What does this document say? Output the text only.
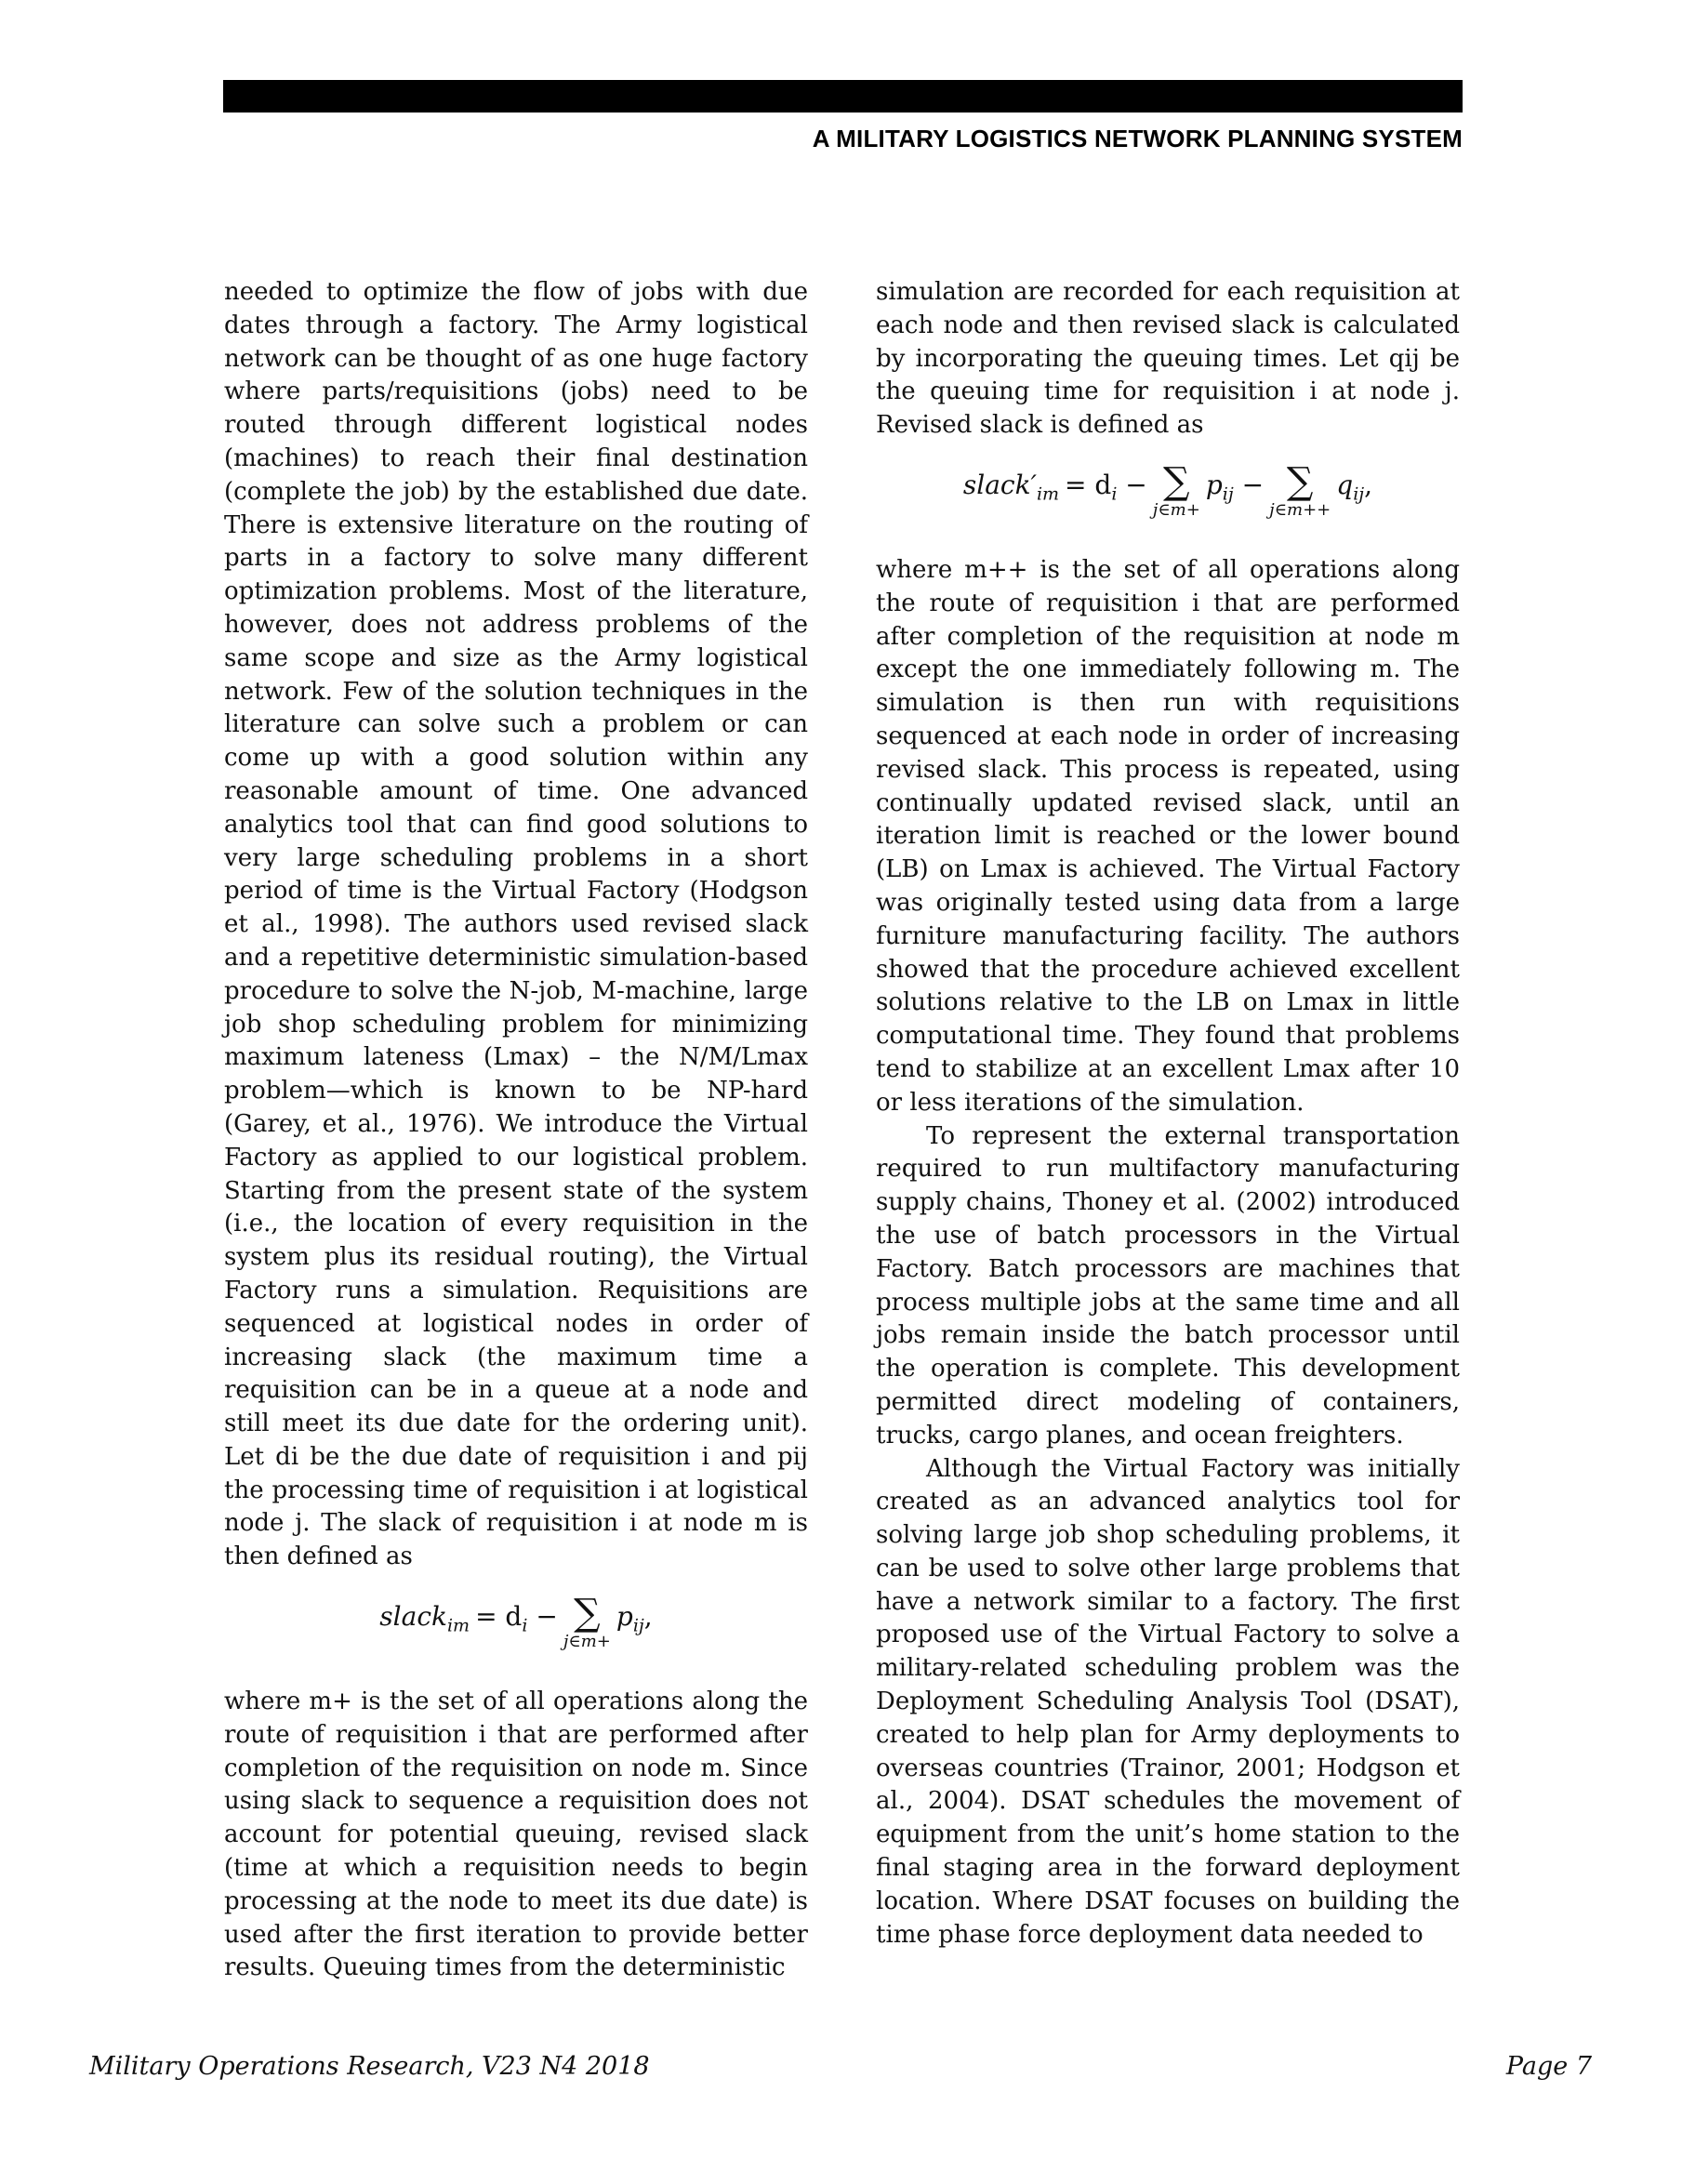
A MILITARY LOGISTICS NETWORK PLANNING SYSTEM

needed to optimize the flow of jobs with due dates through a factory. The Army logistical network can be thought of as one huge factory where parts/requisitions (jobs) need to be routed through different logistical nodes (machines) to reach their final destination (complete the job) by the established due date. There is extensive literature on the routing of parts in a factory to solve many different optimization problems. Most of the literature, however, does not address problems of the same scope and size as the Army logistical network. Few of the solution techniques in the literature can solve such a problem or can come up with a good solution within any reasonable amount of time. One advanced analytics tool that can find good solutions to very large scheduling problems in a short period of time is the Virtual Factory (Hodgson et al., 1998). The authors used revised slack and a repetitive deterministic simulation-based procedure to solve the N-job, M-machine, large job shop scheduling problem for minimizing maximum lateness (Lmax) – the N/M/Lmax problem—which is known to be NP-hard (Garey, et al., 1976). We introduce the Virtual Factory as applied to our logistical problem. Starting from the present state of the system (i.e., the location of every requisition in the system plus its residual routing), the Virtual Factory runs a simulation. Requisitions are sequenced at logistical nodes in order of increasing slack (the maximum time a requisition can be in a queue at a node and still meet its due date for the ordering unit). Let di be the due date of requisition i and pij the processing time of requisition i at logistical node j. The slack of requisition i at node m is then defined as

slack$_{im}$ = $d_i$ − ∑
j∈m+
$p_{ij}$,

where m+ is the set of all operations along the route of requisition i that are performed after completion of the requisition on node m. Since using slack to sequence a requisition does not account for potential queuing, revised slack (time at which a requisition needs to begin processing at the node to meet its due date) is used after the first iteration to provide better results. Queuing times from the deterministic

simulation are recorded for each requisition at each node and then revised slack is calculated by incorporating the queuing times. Let qij be the queuing time for requisition i at node j. Revised slack is defined as

$slack'_{im} = d_i$ − ∑
j∈m+
$p_{ij}$ − ∑
j∈m++
$q_{ij}$,

where m++ is the set of all operations along the route of requisition i that are performed after completion of the requisition at node m except the one immediately following m. The simulation is then run with requisitions sequenced at each node in order of increasing revised slack. This process is repeated, using continually updated revised slack, until an iteration limit is reached or the lower bound (LB) on Lmax is achieved. The Virtual Factory was originally tested using data from a large furniture manufacturing facility. The authors showed that the procedure achieved excellent solutions relative to the LB on Lmax in little computational time. They found that problems tend to stabilize at an excellent Lmax after 10 or less iterations of the simulation.

To represent the external transportation required to run multifactory manufacturing supply chains, Thoney et al. (2002) introduced the use of batch processors in the Virtual Factory. Batch processors are machines that process multiple jobs at the same time and all jobs remain inside the batch processor until the operation is complete. This development permitted direct modeling of containers, trucks, cargo planes, and ocean freighters.

Although the Virtual Factory was initially created as an advanced analytics tool for solving large job shop scheduling problems, it can be used to solve other large problems that have a network similar to a factory. The first proposed use of the Virtual Factory to solve a military-related scheduling problem was the Deployment Scheduling Analysis Tool (DSAT), created to help plan for Army deployments to overseas countries (Trainor, 2001; Hodgson et al., 2004). DSAT schedules the movement of equipment from the unit’s home station to the final staging area in the forward deployment location. Where DSAT focuses on building the time phase force deployment data needed to

Military Operations Research, V23 N4 2018	Page 7
